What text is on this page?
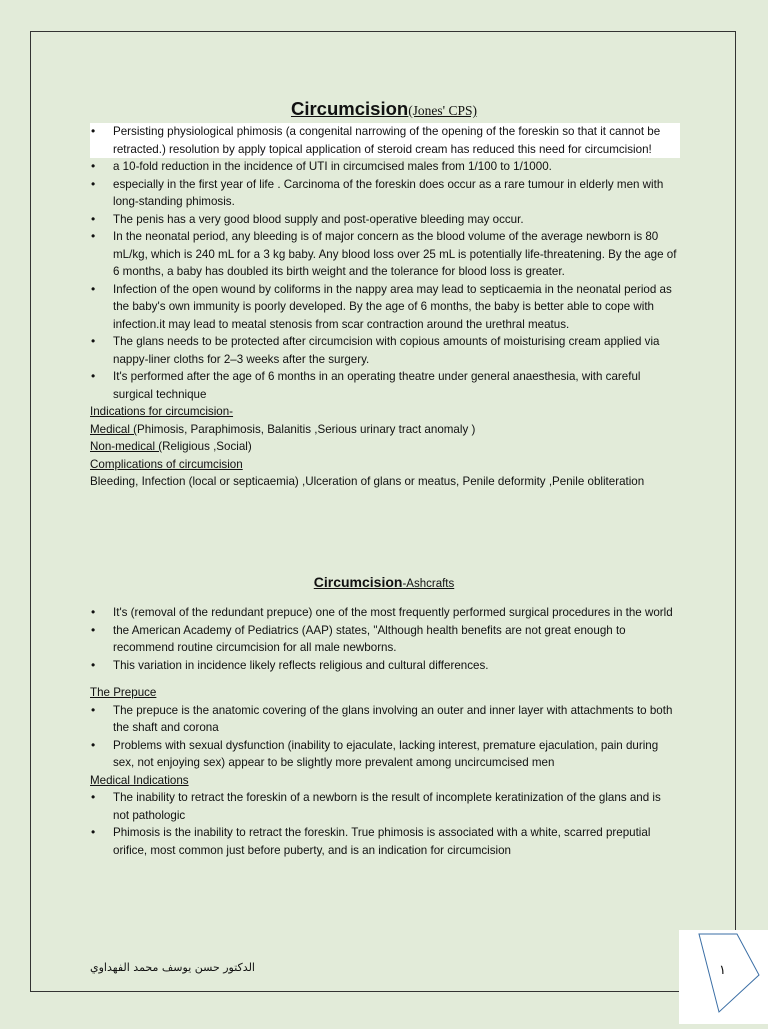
Circumcision(Jones' CPS)
• Persisting physiological phimosis (a congenital narrowing of the opening of the foreskin so that it cannot be retracted.) resolution by apply topical application of steroid cream has reduced this need for circumcision!
• a 10-fold reduction in the incidence of UTI in circumcised males from 1/100 to 1/1000.
• especially in the first year of life . Carcinoma of the foreskin does occur as a rare tumour in elderly men with long-standing phimosis.
• The penis has a very good blood supply and post-operative bleeding may occur.
• In the neonatal period, any bleeding is of major concern as the blood volume of the average newborn is 80 mL/kg, which is 240 mL for a 3 kg baby. Any blood loss over 25 mL is potentially life-threatening. By the age of 6 months, a baby has doubled its birth weight and the tolerance for blood loss is greater.
• Infection of the open wound by coliforms in the nappy area may lead to septicaemia in the neonatal period as the baby's own immunity is poorly developed. By the age of 6 months, the baby is better able to cope with infection.it may lead to meatal stenosis from scar contraction around the urethral meatus.
• The glans needs to be protected after circumcision with copious amounts of moisturising cream applied via nappy-liner cloths for 2–3 weeks after the surgery.
• It's performed after the age of 6 months in an operating theatre under general anaesthesia, with careful surgical technique

Indications for circumcision-

Medical (Phimosis, Paraphimosis, Balanitis ,Serious urinary tract anomaly )

Non-medical (Religious ,Social)

Complications of circumcision

Bleeding, Infection (local or septicaemia) ,Ulceration of glans or meatus, Penile deformity ,Penile obliteration

Circumcision-Ashcrafts
• It's (removal of the redundant prepuce) one of the most frequently performed surgical procedures in the world
• the American Academy of Pediatrics (AAP) states, "Although health benefits are not great enough to recommend routine circumcision for all male newborns.
• This variation in incidence likely reflects religious and cultural differences.

The Prepuce

• The prepuce is the anatomic covering of the glans involving an outer and inner layer with attachments to both the shaft and corona
• Problems with sexual dysfunction (inability to ejaculate, lacking interest, premature ejaculation, pain during sex, not enjoying sex) appear to be slightly more prevalent among uncircumcised men

Medical Indications

• The inability to retract the foreskin of a newborn is the result of incomplete keratinization of the glans and is not pathologic
• Phimosis is the inability to retract the foreskin. True phimosis is associated with a white, scarred preputial orifice, most common just before puberty, and is an indication for circumcision
الدكتور حسن يوسف محمد الفهداوي	١
